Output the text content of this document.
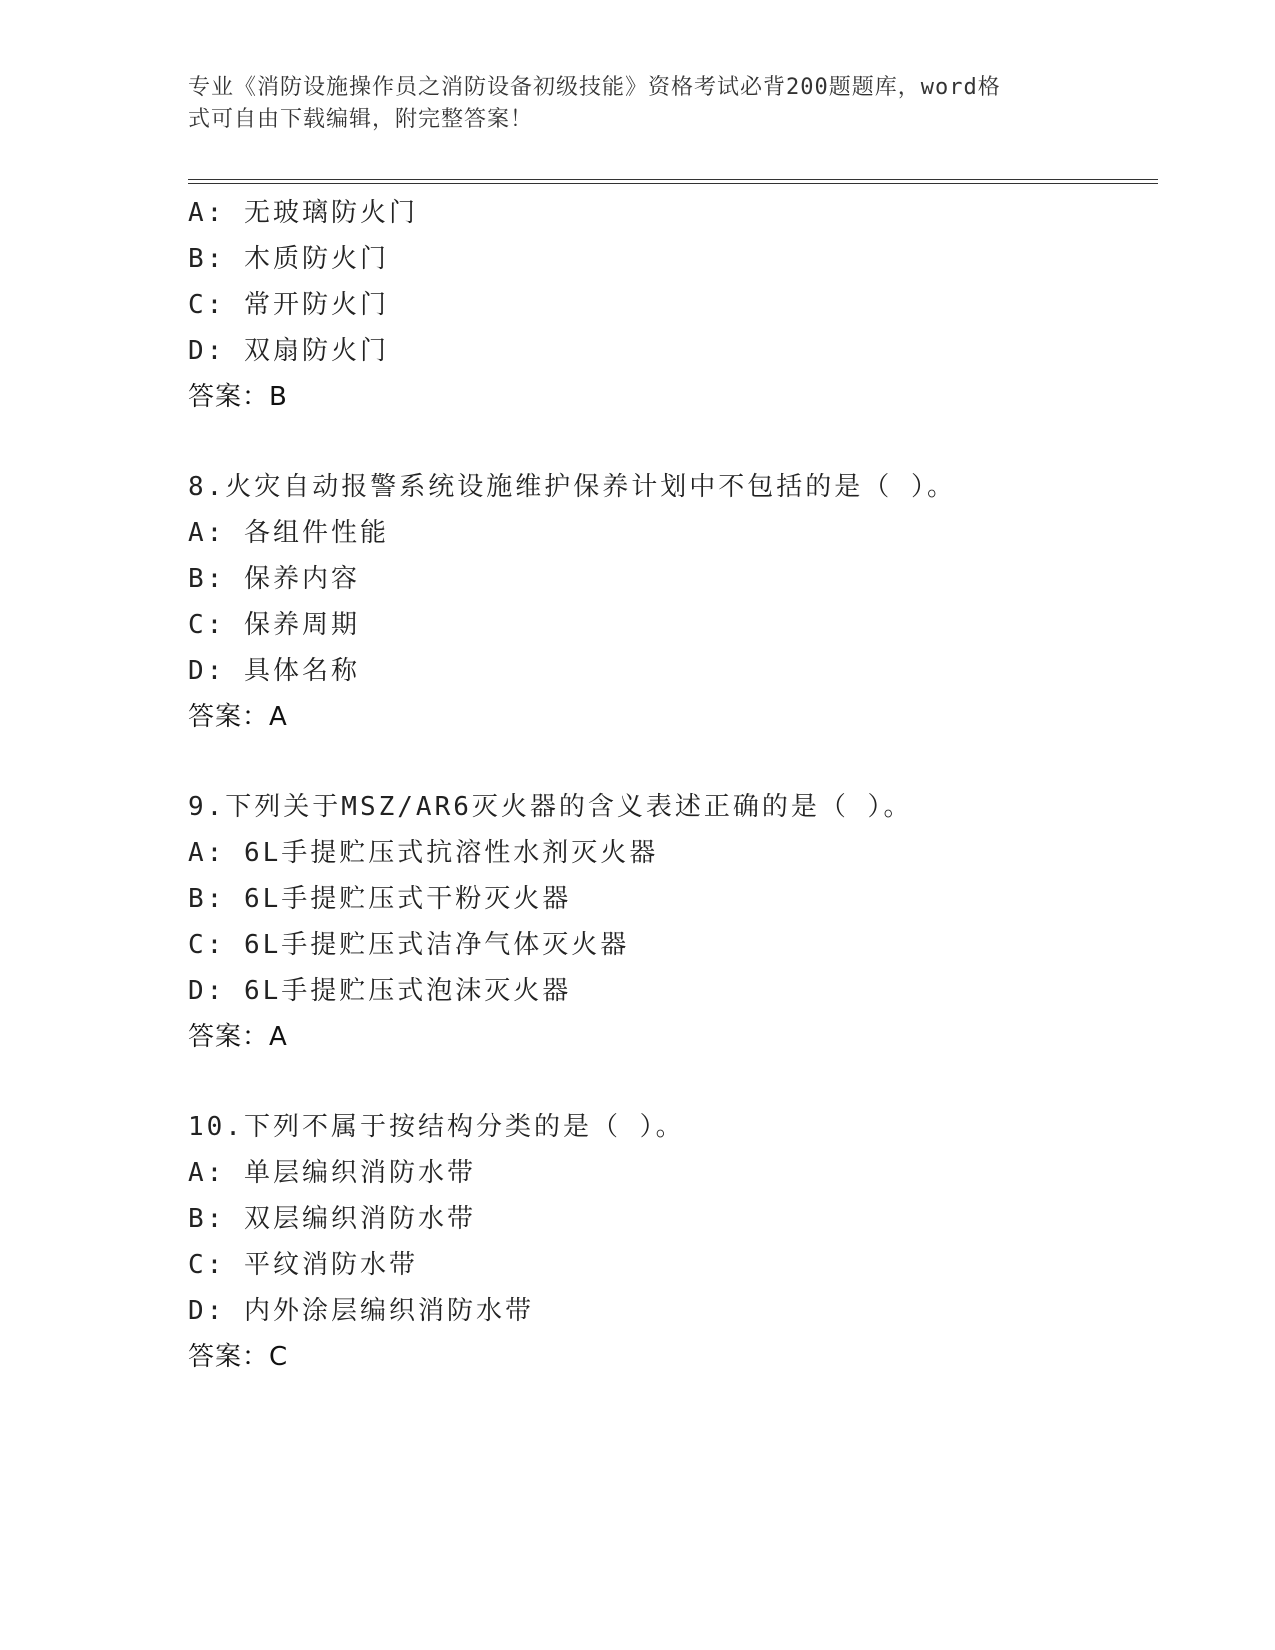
专业《消防设施操作员之消防设备初级技能》资格考试必背200题题库，word格
式可自由下载编辑，附完整答案！
A: 无玻璃防火门
B: 木质防火门
C: 常开防火门
D: 双扇防火门
答案：B
8.火灾自动报警系统设施维护保养计划中不包括的是（ ）。
A: 各组件性能
B: 保养内容
C: 保养周期
D: 具体名称
答案：A
9.下列关于MSZ/AR6灭火器的含义表述正确的是（ ）。
A: 6L手提贮压式抗溶性水剂灭火器
B: 6L手提贮压式干粉灭火器
C: 6L手提贮压式洁净气体灭火器
D: 6L手提贮压式泡沫灭火器
答案：A
10.下列不属于按结构分类的是（ ）。
A: 单层编织消防水带
B: 双层编织消防水带
C: 平纹消防水带
D: 内外涂层编织消防水带
答案：C
